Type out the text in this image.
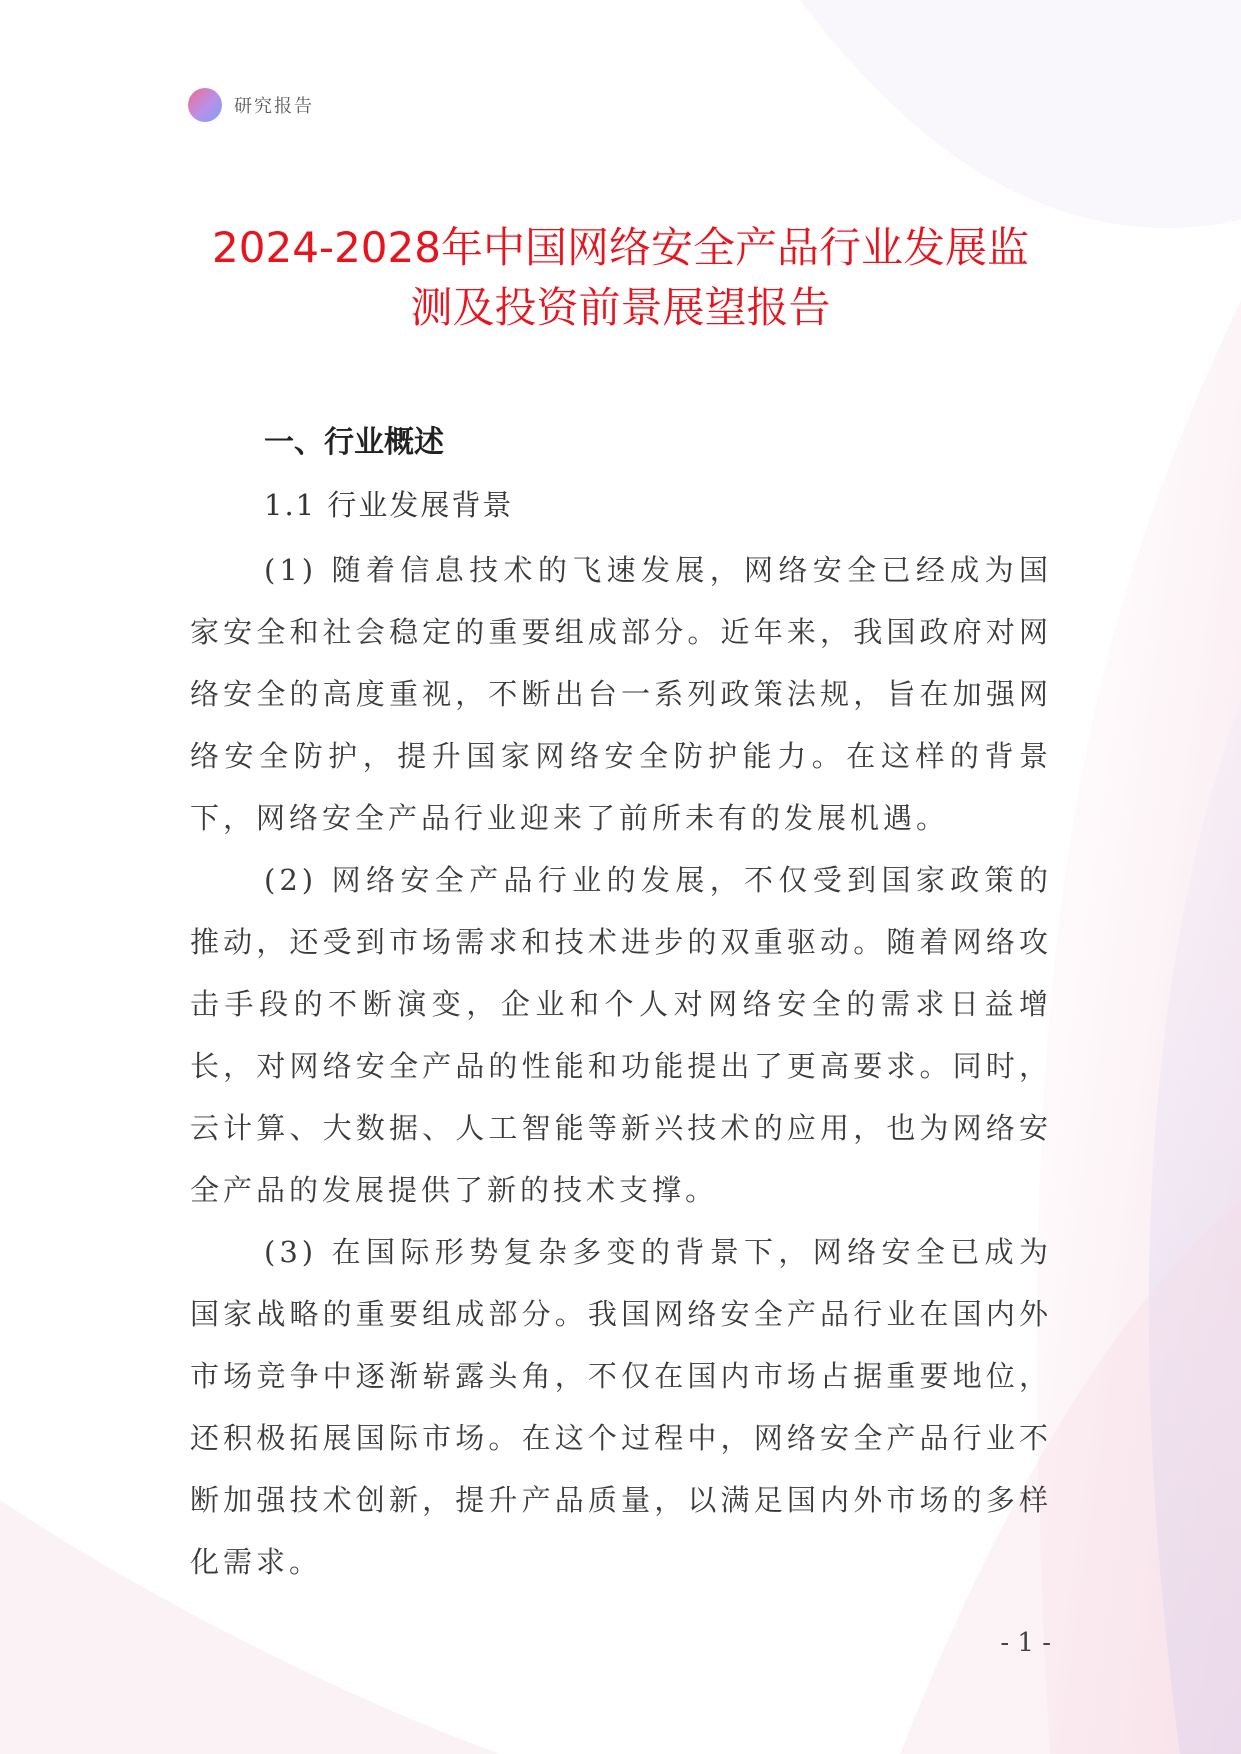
研究报告
2024-2028年中国网络安全产品行业发展监
测及投资前景展望报告

一、行业概述

1.1 行业发展背景

(1) 随着信息技术的飞速发展，网络安全已经成为国家安全和社会稳定的重要组成部分。近年来，我国政府对网络安全的高度重视，不断出台一系列政策法规，旨在加强网络安全防护，提升国家网络安全防护能力。在这样的背景下，网络安全产品行业迎来了前所未有的发展机遇。

(2) 网络安全产品行业的发展，不仅受到国家政策的推动，还受到市场需求和技术进步的双重驱动。随着网络攻击手段的不断演变，企业和个人对网络安全的需求日益增长，对网络安全产品的性能和功能提出了更高要求。同时，云计算、大数据、人工智能等新兴技术的应用，也为网络安全产品的发展提供了新的技术支撑。

(3) 在国际形势复杂多变的背景下，网络安全已成为国家战略的重要组成部分。我国网络安全产品行业在国内外市场竞争中逐渐崭露头角，不仅在国内市场占据重要地位，还积极拓展国际市场。在这个过程中，网络安全产品行业不断加强技术创新，提升产品质量，以满足国内外市场的多样化需求。

- 1 -
